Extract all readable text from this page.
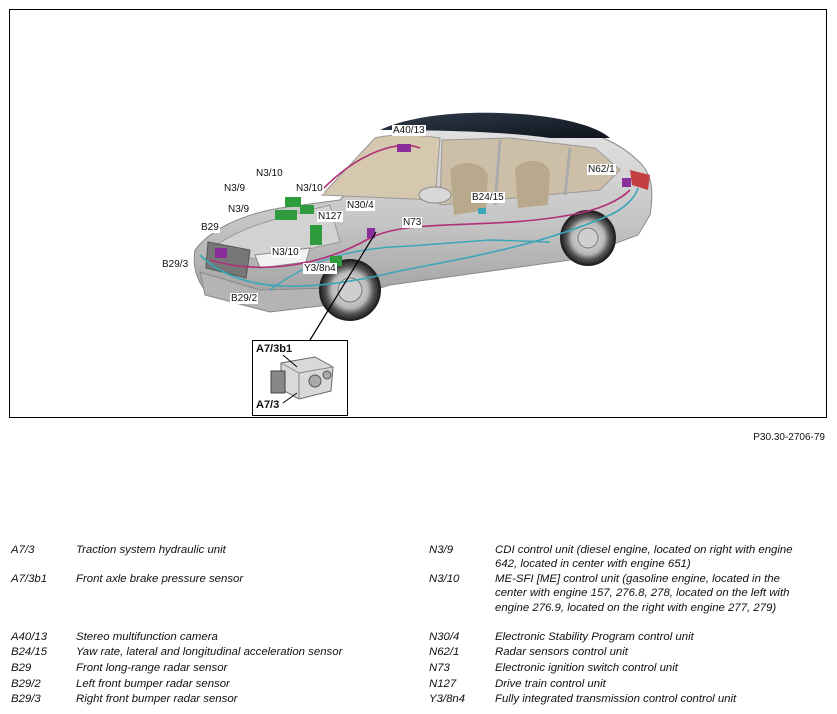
A40/13
N62/1
N3/10
N3/9	N3/10
N3/9
N127
N30/4
N73
B24/15
B29
N3/10
B29/3	Y3/8n4
B29/2
A7/3b1
A7/3
P30.30-2706-79
A7/3	Traction system hydraulic unit
A7/3b1	Front axle brake pressure sensor
A40/13	Stereo multifunction camera
B24/15	Yaw rate, lateral and longitudinal acceleration sensor
B29	Front long-range radar sensor
B29/2	Left front bumper radar sensor
B29/3	Right front bumper radar sensor
N3/9	CDI control unit (diesel engine, located on right with engine 642, located in center with engine 651)
N3/10	ME-SFI [ME] control unit (gasoline engine, located in the center with engine 157, 276.8, 278, located on the left with engine 276.9, located on the right with engine 277, 279)
N30/4	Electronic Stability Program control unit
N62/1	Radar sensors control unit
N73	Electronic ignition switch control unit
N127	Drive train control unit
Y3/8n4	Fully integrated transmission control control unit
